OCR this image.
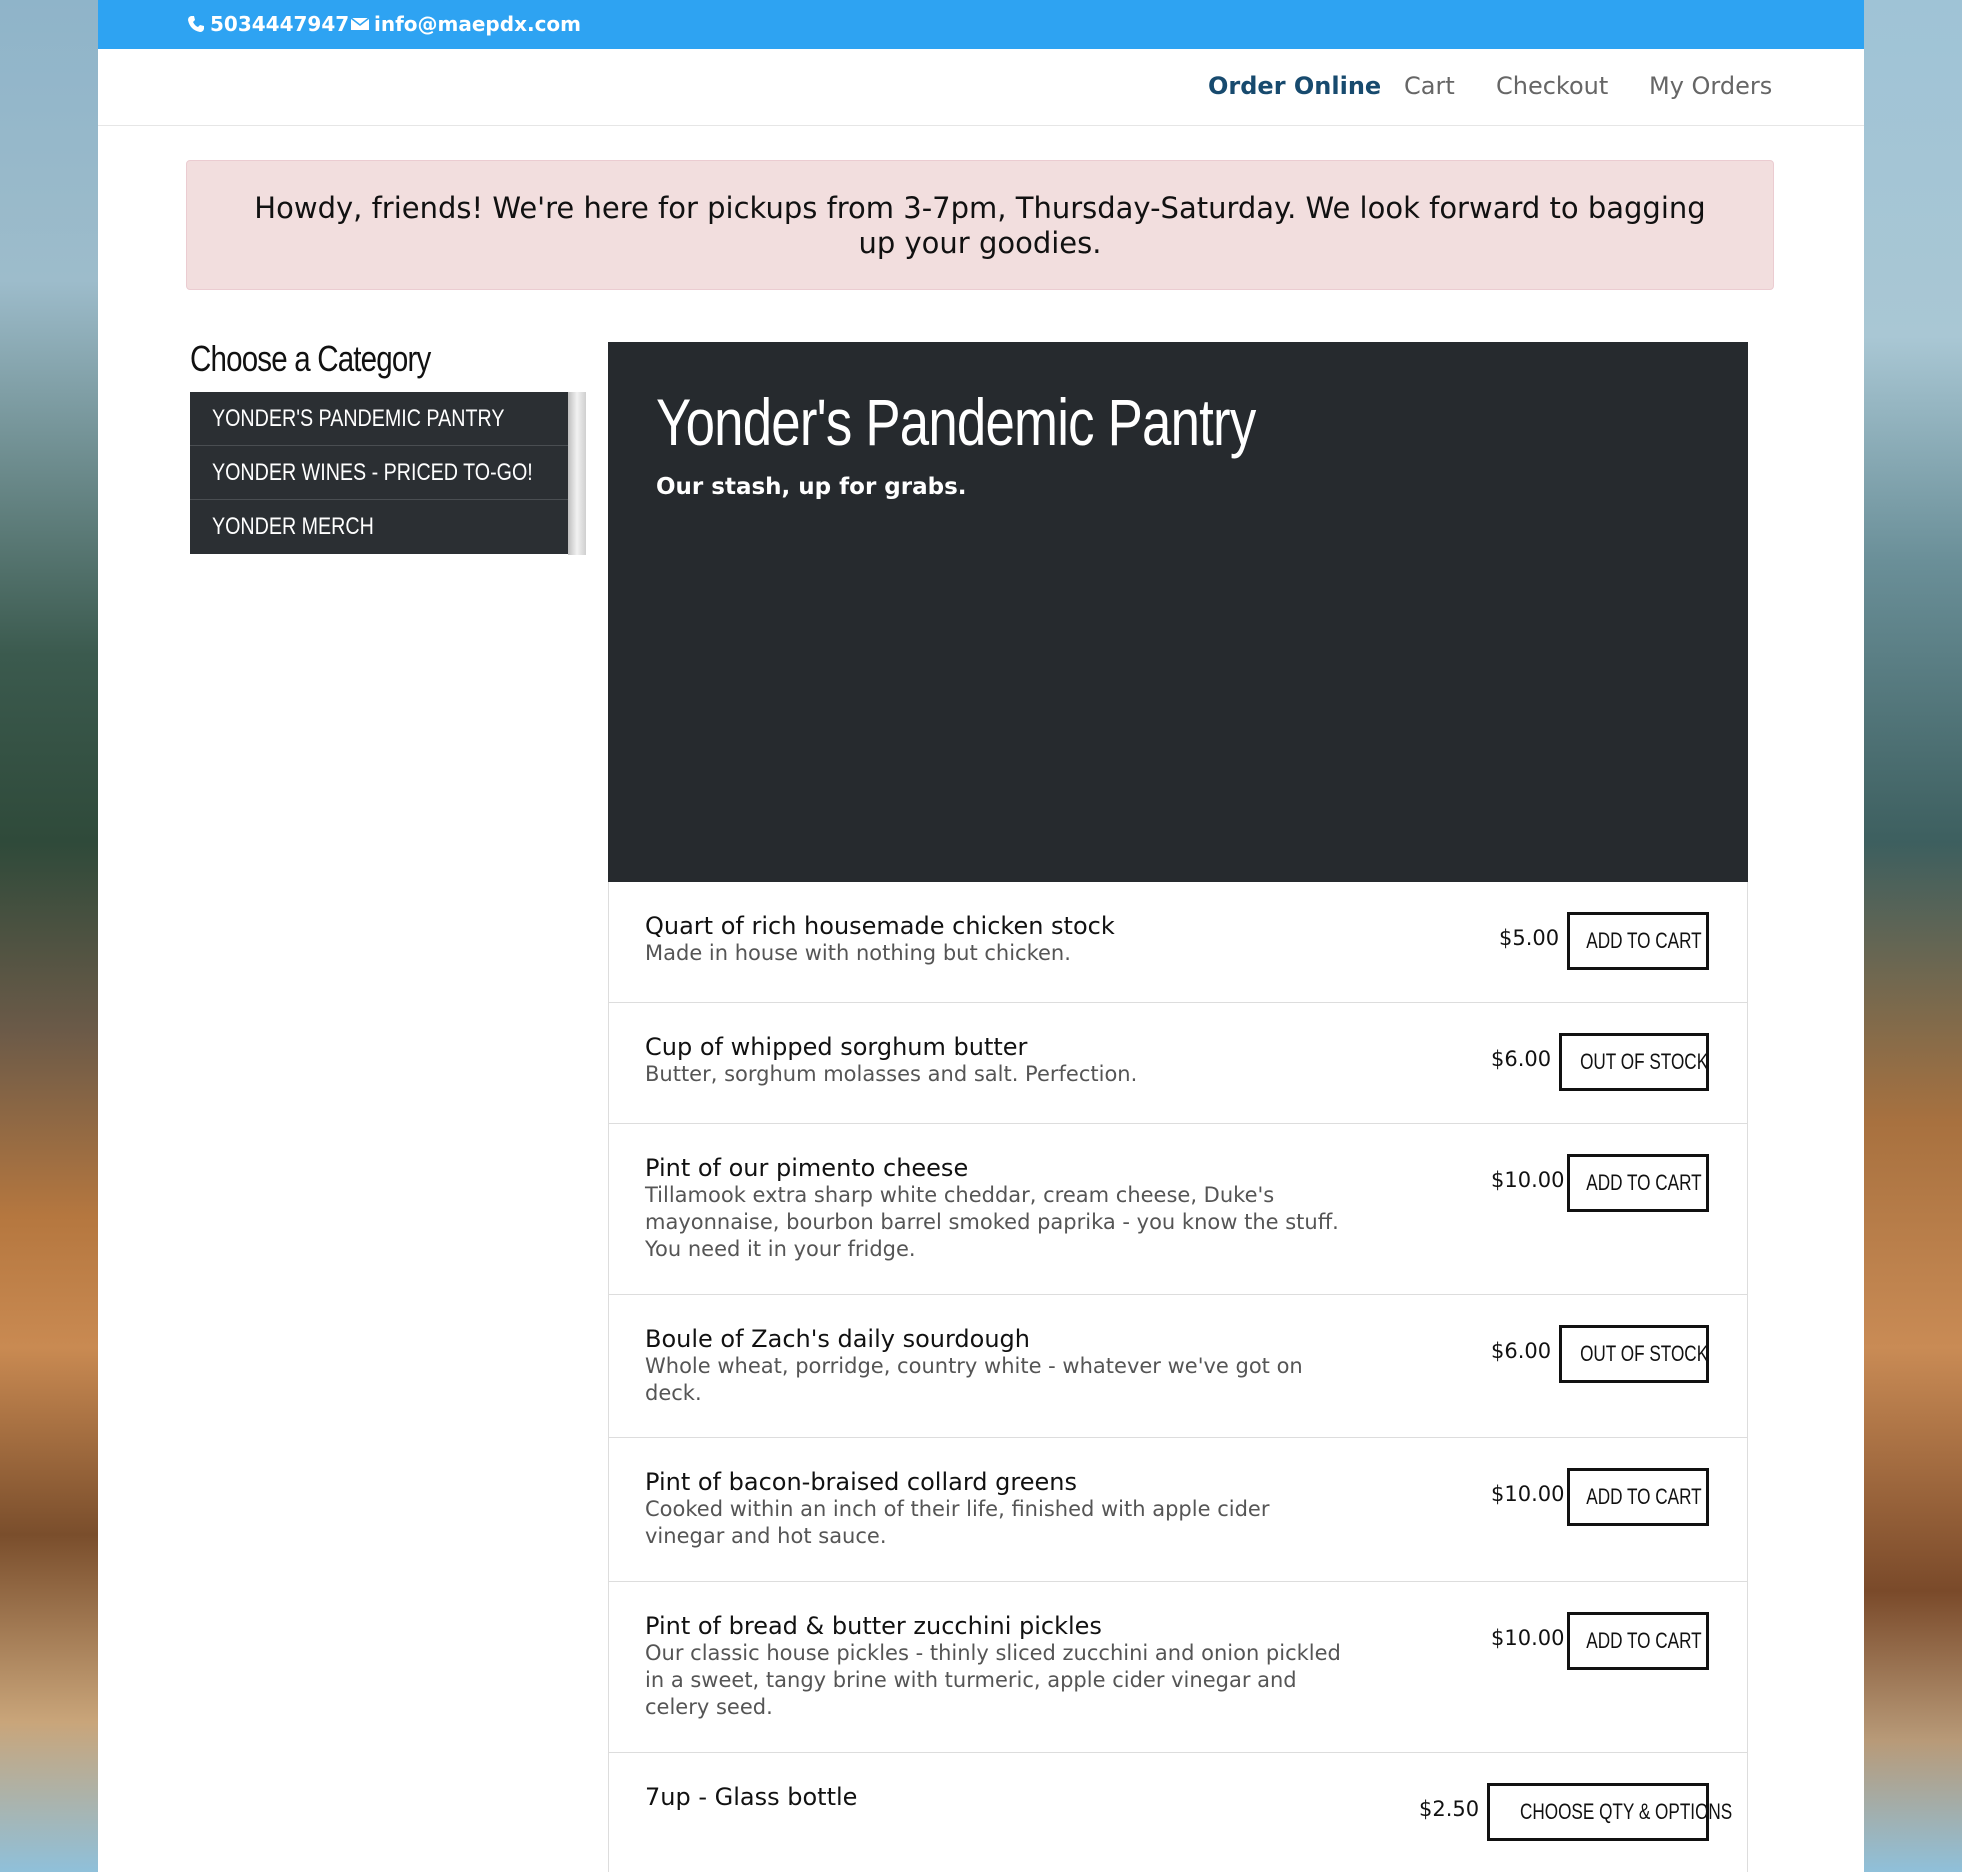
5034447947 info@maepdx.com
Order Online Cart Checkout My Orders
Howdy, friends! We're here for pickups from 3-7pm, Thursday-Saturday. We look forward to bagging up your goodies.
Choose a Category
YONDER'S PANDEMIC PANTRY
YONDER WINES - PRICED TO-GO!
YONDER MERCH
Yonder's Pandemic Pantry

Our stash, up for grabs.

Quart of rich housemade chicken stock
Made in house with nothing but chicken.
$5.00	ADD TO CART
Cup of whipped sorghum butter
Butter, sorghum molasses and salt. Perfection.
$6.00	OUT OF STOCK
Pint of our pimento cheese
Tillamook extra sharp white cheddar, cream cheese, Duke's mayonnaise, bourbon barrel smoked paprika - you know the stuff. You need it in your fridge.
$10.00 ADD TO CART
Boule of Zach's daily sourdough
Whole wheat, porridge, country white - whatever we've got on deck.
$6.00	OUT OF STOCK
Pint of bacon-braised collard greens
Cooked within an inch of their life, finished with apple cider vinegar and hot sauce.
$10.00 ADD TO CART
Pint of bread & butter zucchini pickles
Our classic house pickles - thinly sliced zucchini and onion pickled in a sweet, tangy brine with turmeric, apple cider vinegar and celery seed.
$10.00 ADD TO CART
7up - Glass bottle	$2.50	CHOOSE QTY & OPTIONS
